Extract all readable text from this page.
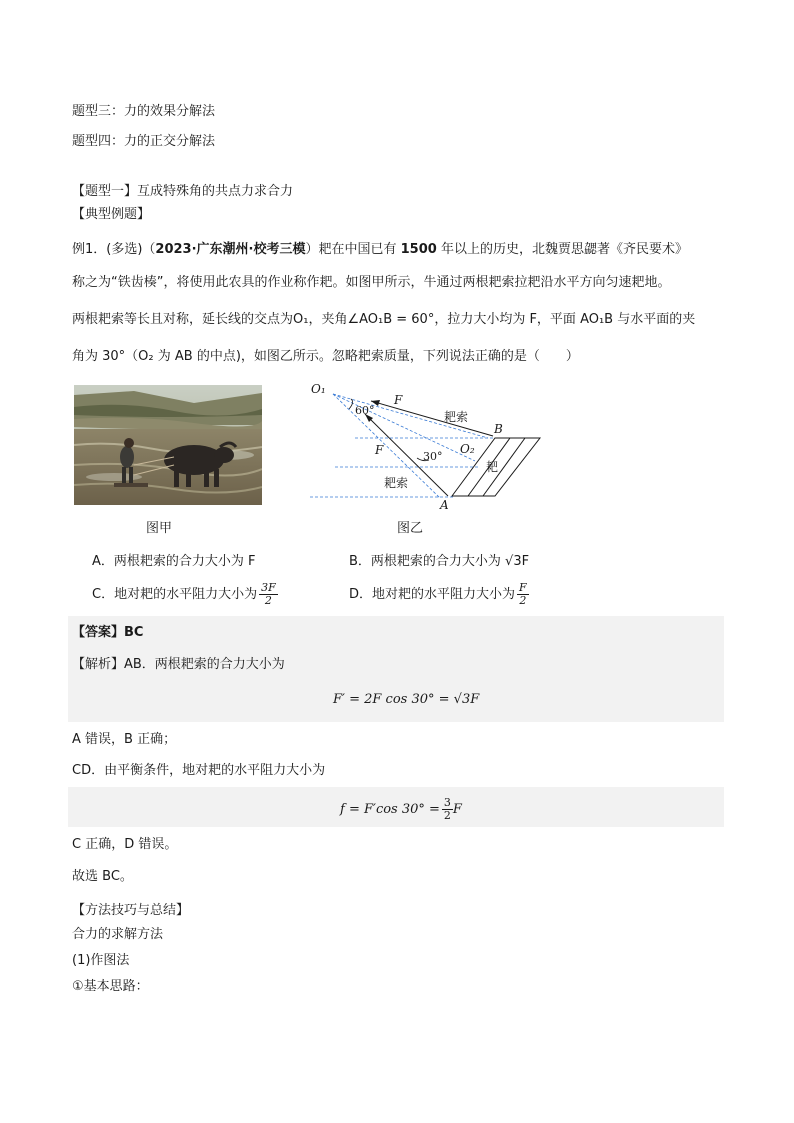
题型三：力的效果分解法
题型四：力的正交分解法
【题型一】互成特殊角的共点力求合力
【典型例题】
例1．(多选)（2023·广东潮州·校考三模）耙在中国已有 1500 年以上的历史，北魏贾思勰著《齐民要术》
称之为“铁齿楱”，将使用此农具的作业称作耙。如图甲所示，牛通过两根耙索拉耙沿水平方向匀速耙地。
两根耙索等长且对称，延长线的交点为O₁，夹角∠AO₁B = 60°，拉力大小均为 F，平面 AO₁B 与水平面的夹
角为 30°（O₂ 为 AB 的中点)，如图乙所示。忽略耙索质量，下列说法正确的是（　　）
图甲
O₁
60°
F
耙索
B
O₂
F	30°
耙
耙索
A
图乙
A．两根耙索的合力大小为 F	B．两根耙索的合力大小为 √3F
C．地对耙的水平阻力大小为 $\frac{3F}{2}$	D．地对耙的水平阻力大小为 $\frac{F}{2}$
【答案】BC
【解析】AB．两根耙索的合力大小为
F′ = 2F cos 30° = √3F
A 错误，B 正确；
CD．由平衡条件，地对耙的水平阻力大小为
f = F′cos $30^\circ = \frac{3}{2}$ F
C 正确，D 错误。
故选 BC。
【方法技巧与总结】
合力的求解方法
(1)作图法
①基本思路：
